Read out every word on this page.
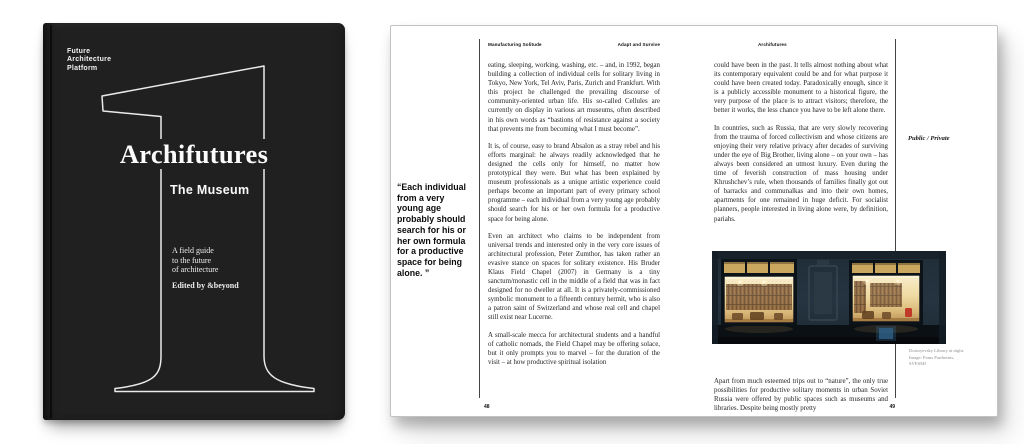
Future
Architecture
Platform
Archifutures
The Museum
A field guide
to the future
of architecture
Edited by &beyond
Manufacturing Solitude	Adapt and Survive
“Each individual from a very young age probably should search for his or her own formula for a productive space for being alone. ”

eating, sleeping, working, washing, etc. – and, in 1992, began building a collection of individual cells for solitary living in Tokyo, New York, Tel Aviv, Paris, Zurich and Frankfurt. With this project he challenged the prevailing discourse of community-oriented urban life. His so-called Cellules are currently on display in various art museums, often described in his own words as “bastions of resistance against a society that prevents me from becoming what I must become”.

It is, of course, easy to brand Absalon as a stray rebel and his efforts marginal: he always readily acknowledged that he designed the cells only for himself, no matter how prototypical they were. But what has been explained by museum professionals as a unique artistic experience could perhaps become an important part of every primary school programme – each individual from a very young age probably should search for his or her own formula for a productive space for being alone.

Even an architect who claims to be independent from universal trends and interested only in the very core issues of architectural profession, Peter Zumthor, has taken rather an evasive stance on spaces for solitary existence. His Bruder Klaus Field Chapel (2007) in Germany is a tiny sanctum/monastic cell in the middle of a field that was in fact designed for no dweller at all. It is a privately-commissioned symbolic monument to a fifteenth century hermit, who is also a patron saint of Switzerland and whose real cell and chapel still exist near Lucerne.

A small-scale mecca for architectural students and a handful of catholic nomads, the Field Chapel may be offering solace, but it only prompts you to marvel – for the duration of the visit – at how productive spiritual isolation

48
Archifutures
Public / Private

could have been in the past. It tells almost nothing about what its contemporary equivalent could be and for what purpose it could have been created today. Paradoxically enough, since it is a publicly accessible monument to a historical figure, the very purpose of the place is to attract visitors; therefore, the better it works, the less chance you have to be left alone there.

In countries, such as Russia, that are very slowly recovering from the trauma of forced collectivism and whose citizens are enjoying their very relative privacy after decades of surviving under the eye of Big Brother, living alone – on your own – has always been considered an utmost luxury. Even during the time of feverish construction of mass housing under Khrushchev’s rule, when thousands of families finally got out of barracks and communalkas and into their own homes, apartments for one remained in huge deficit. For socialist planners, people interested in living alone were, by definition, pariahs.

Dostoyevsky Library at night.
Image: Frans Parthesius,
SVESMI

Apart from much esteemed trips out to “nature”, the only true possibilities for productive solitary moments in urban Soviet Russia were offered by public spaces such as museums and libraries. Despite being mostly pretty	49
